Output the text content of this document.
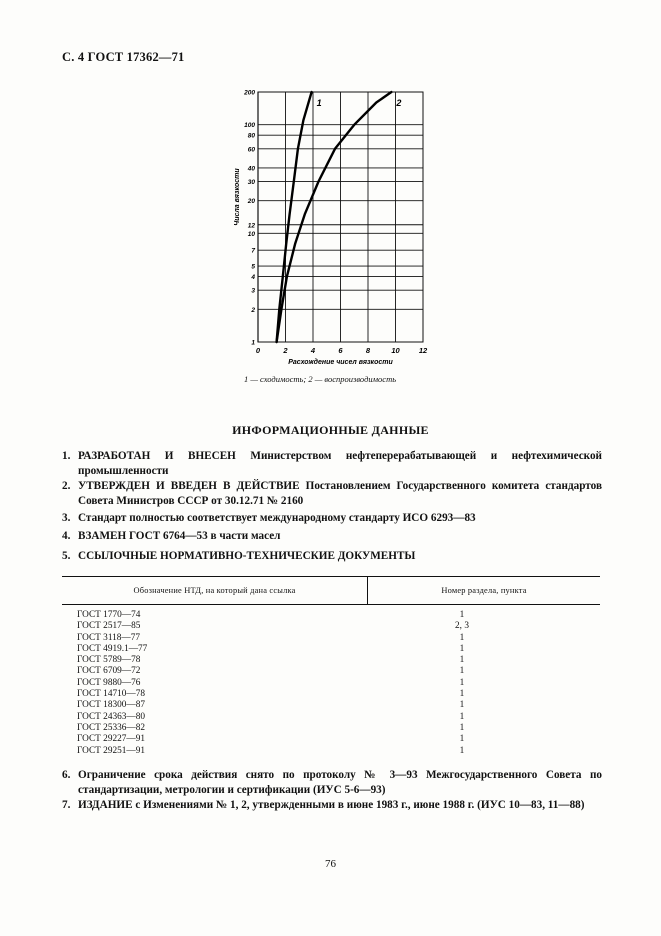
С. 4 ГОСТ 17362—71
0	2	4	6	8	10	12
1
2
3
4
5
7
10
12
20
30
40
60
80
100
200
1	2
Расхождение чисел вязкости
Числа вязкости
1 — сходимость; 2 — воспроизводимость
ИНФОРМАЦИОННЫЕ ДАННЫЕ
1. РАЗРАБОТАН И ВНЕСЕН Министерством нефтеперерабатывающей и нефтехимической промышленности
2. УТВЕРЖДЕН И ВВЕДЕН В ДЕЙСТВИЕ Постановлением Государственного комитета стандартов Совета Министров СССР от 30.12.71 № 2160
3. Стандарт полностью соответствует международному стандарту ИСО 6293—83
4. ВЗАМЕН ГОСТ 6764—53 в части масел
5. ССЫЛОЧНЫЕ НОРМАТИВНО-ТЕХНИЧЕСКИЕ ДОКУМЕНТЫ
Обозначение НТД, на который дана ссылка	Номер раздела, пункта
ГОСТ 1770—74	1
ГОСТ 2517—85	2, 3
ГОСТ 3118—77	1
ГОСТ 4919.1—77	1
ГОСТ 5789—78	1
ГОСТ 6709—72	1
ГОСТ 9880—76	1
ГОСТ 14710—78	1
ГОСТ 18300—87	1
ГОСТ 24363—80	1
ГОСТ 25336—82	1
ГОСТ 29227—91	1
ГОСТ 29251—91	1
6. Ограничение срока действия снято по протоколу № 3—93 Межгосударственного Совета по стандартизации, метрологии и сертификации (ИУС 5-6—93)
7. ИЗДАНИЕ с Изменениями № 1, 2, утвержденными в июне 1983 г., июне 1988 г. (ИУС 10—83, 11—88)
76
